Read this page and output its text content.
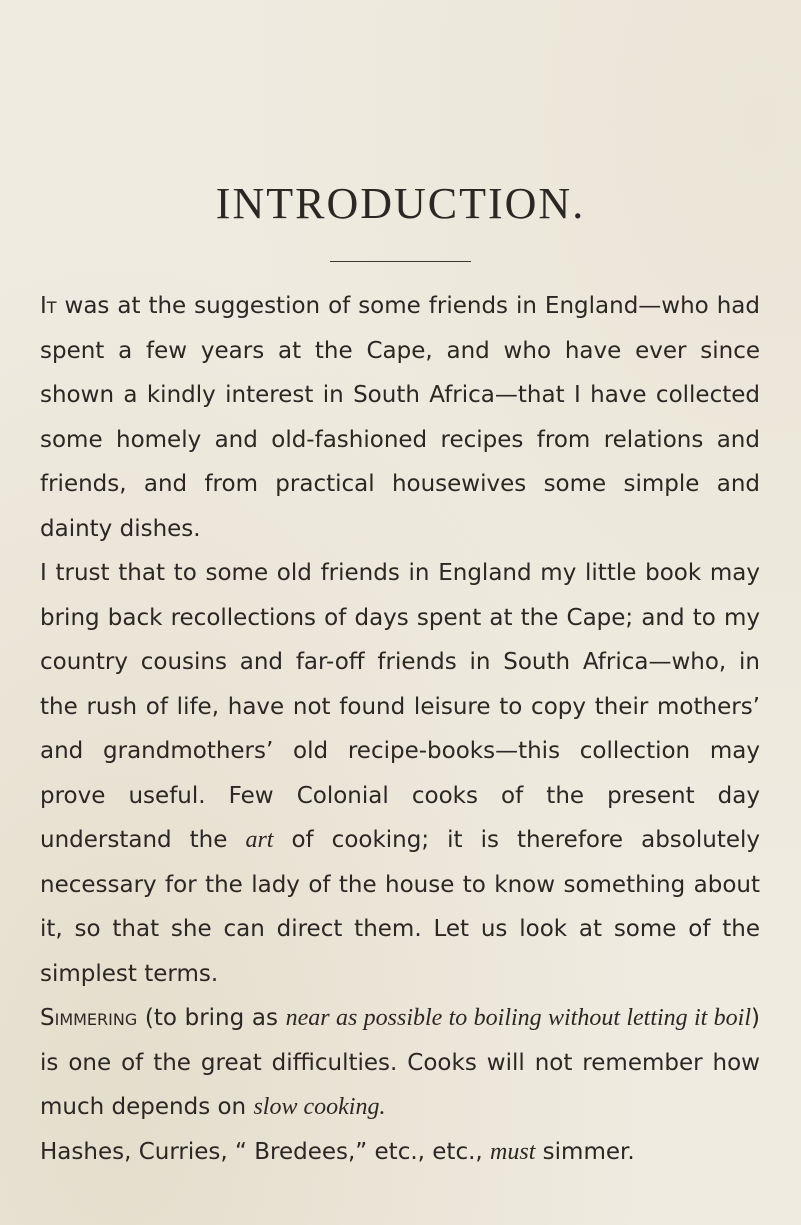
INTRODUCTION.

It was at the suggestion of some friends in England—who had spent a few years at the Cape, and who have ever since shown a kindly interest in South Africa—that I have collected some homely and old-fashioned recipes from relations and friends, and from practical housewives some simple and dainty dishes.

I trust that to some old friends in England my little book may bring back recollections of days spent at the Cape; and to my country cousins and far-off friends in South Africa—who, in the rush of life, have not found leisure to copy their mothers’ and grandmothers’ old recipe-books—this collection may prove useful. Few Colonial cooks of the present day understand the art of cooking; it is therefore absolutely necessary for the lady of the house to know something about it, so that she can direct them. Let us look at some of the simplest terms.

Simmering (to bring as near as possible to boiling without letting it boil) is one of the great difficulties. Cooks will not remember how much depends on slow cooking.

Hashes, Curries, “ Bredees,” etc., etc., must simmer.
